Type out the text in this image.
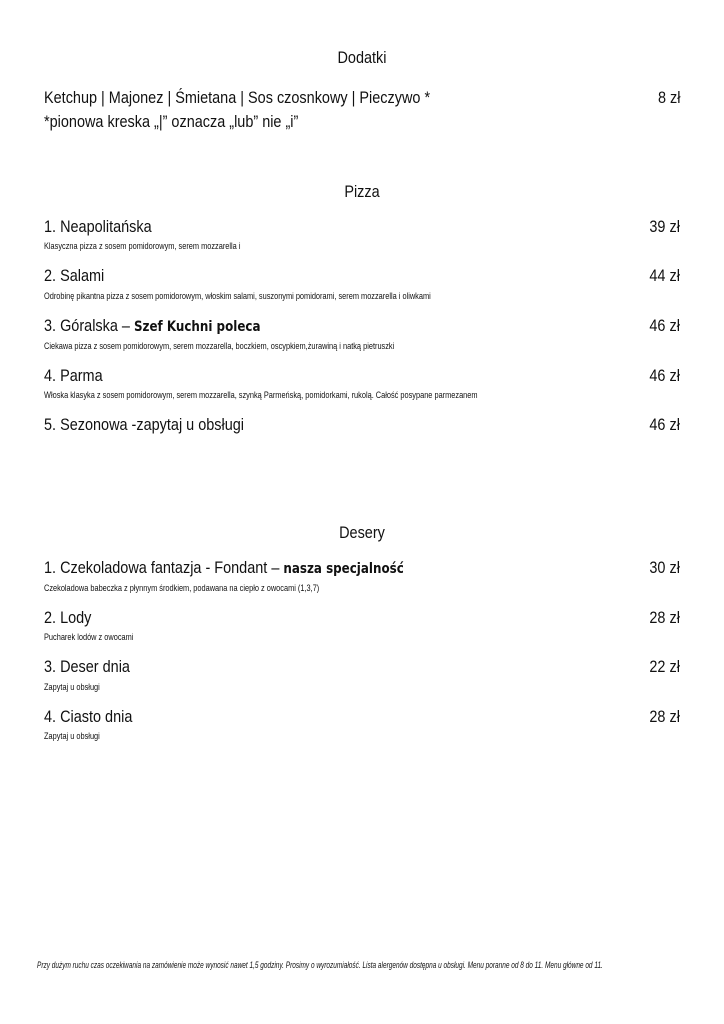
Dodatki
Ketchup | Majonez | Śmietana | Sos czosnkowy | Pieczywo *	8 zł
*pionowa kreska „|” oznacza „lub” nie „i”
Pizza
1. Neapolitańska	39 zł
Klasyczna pizza z sosem pomidorowym, serem mozzarella i
2. Salami	44 zł
Odrobinę pikantna pizza z sosem pomidorowym, włoskim salami, suszonymi pomidorami, serem mozzarella i oliwkami
3. Góralska – Szef Kuchni poleca	46 zł
Ciekawa pizza z sosem pomidorowym, serem mozzarella, boczkiem, oscypkiem,żurawiną i natką pietruszki
4. Parma	46 zł
Włoska klasyka z sosem pomidorowym, serem mozzarella, szynką Parmeńską, pomidorkami, rukolą. Całość posypane parmezanem
5. Sezonowa -zapytaj u obsługi	46 zł
Desery
1. Czekoladowa fantazja - Fondant – nasza specjalność	30 zł
Czekoladowa babeczka z płynnym środkiem, podawana na ciepło z owocami (1,3,7)
2. Lody	28 zł
Pucharek lodów z owocami
3. Deser dnia	22 zł
Zapytaj u obsługi
4. Ciasto dnia	28 zł
Zapytaj u obsługi
Przy dużym ruchu czas oczekiwania na zamówienie może wynosić nawet 1,5 godziny. Prosimy o wyrozumiałość. Lista alergenów dostępna u obsługi. Menu poranne od 8 do 11. Menu główne od 11.
